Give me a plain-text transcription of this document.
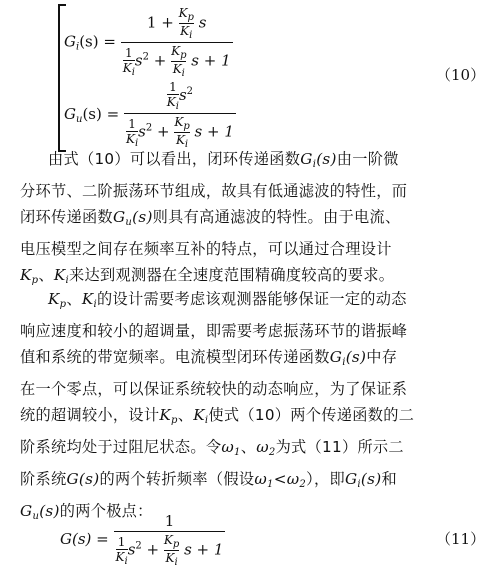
$G_i(s)$ =
$1 + \frac{K_p}{K_i}$ s
$\frac{1}{K_i}s^2 + \frac{K_p}{K_i}$ s + 1
$G_u(s)$ =
$\frac{1}{K_i}s^2$
$\frac{1}{K_i}s^2 + \frac{K_p}{K_i}$ s + 1
（10）
由式（10）可以看出，闭环传递函数Gi(s)由一阶微
分环节、二阶振荡环节组成，故具有低通滤波的特性，而
闭环传递函数Gu(s)则具有高通滤波的特性。由于电流、
电压模型之间存在频率互补的特点，可以通过合理设计
Kp、Ki来达到观测器在全速度范围精确度较高的要求。
Kp、Ki的设计需要考虑该观测器能够保证一定的动态
响应速度和较小的超调量，即需要考虑振荡环节的谐振峰
值和系统的带宽频率。电流模型闭环传递函数Gi(s)中存
在一个零点，可以保证系统较快的动态响应，为了保证系
统的超调较小，设计Kp、Ki使式（10）两个传递函数的二
阶系统均处于过阻尼状态。令ω1、ω2为式（11）所示二
阶系统G(s)的两个转折频率（假设ω1<ω2），即Gi(s)和
Gu(s)的两个极点：
G(s) =
1
$\frac{1}{K_i}s^2 + \frac{K_p}{K_i}$ s + 1
（11）
